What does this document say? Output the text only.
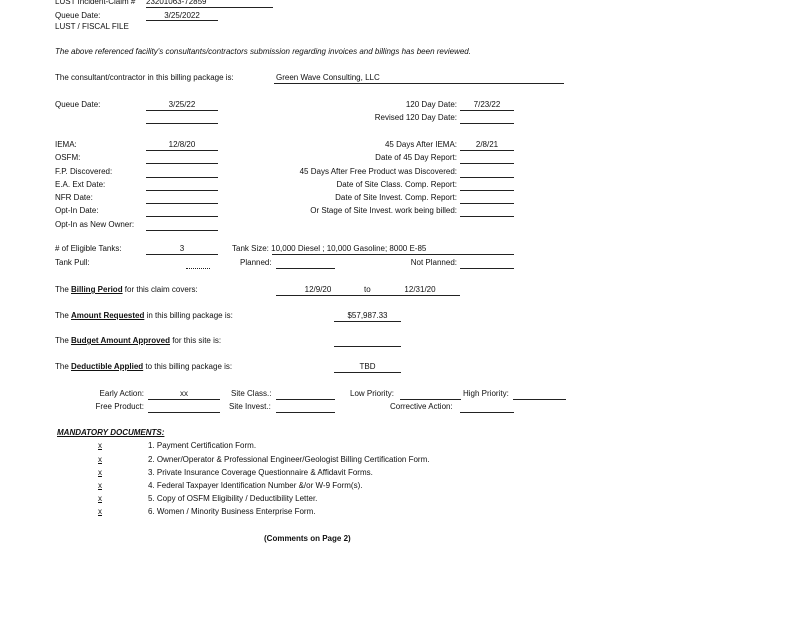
LUST Incident-Claim # 23201063-72859
Queue Date:	3/25/2022
LUST / FISCAL FILE
The above referenced facility's consultants/contractors submission regarding invoices and billings has been reviewed.
The consultant/contractor in this billing package is:	Green Wave Consulting, LLC
Queue Date:	3/25/22
IEMA:	12/8/20
OSFM:
F.P. Discovered:
E.A. Ext Date:
NFR Date:
Opt-In Date:
Opt-In as New Owner:
120 Day Date:	7/23/22
Revised 120 Day Date:
45 Days After IEMA:	2/8/21
Date of 45 Day Report:
45 Days After Free Product was Discovered:
Date of Site Class. Comp. Report:
Date of Site Invest. Comp. Report:
Or Stage of Site Invest. work being billed:
# of Eligible Tanks:	3	Tank Size: 10,000 Diesel ; 10,000 Gasoline; 8000 E-85
Tank Pull:	Planned:	Not Planned:
The Billing Period for this claim covers:	12/9/20	to	12/31/20
The Amount Requested in this billing package is:	$57,987.33
The Budget Amount Approved for this site is:
The Deductible Applied to this billing package is:	TBD
Early Action:	xx	Site Class.:	Low Priority:	High Priority:
Free Product:	Site Invest.:	Corrective Action:
MANDATORY DOCUMENTS:
x	1. Payment Certification Form.
x	2. Owner/Operator & Professional Engineer/Geologist Billing Certification Form.
x	3. Private Insurance Coverage Questionnaire & Affidavit Forms.
x	4. Federal Taxpayer Identification Number &/or W-9 Form(s).
x	5. Copy of OSFM Eligibility / Deductibility Letter.
x	6. Women / Minority Business Enterprise Form.
(Comments on Page 2)
